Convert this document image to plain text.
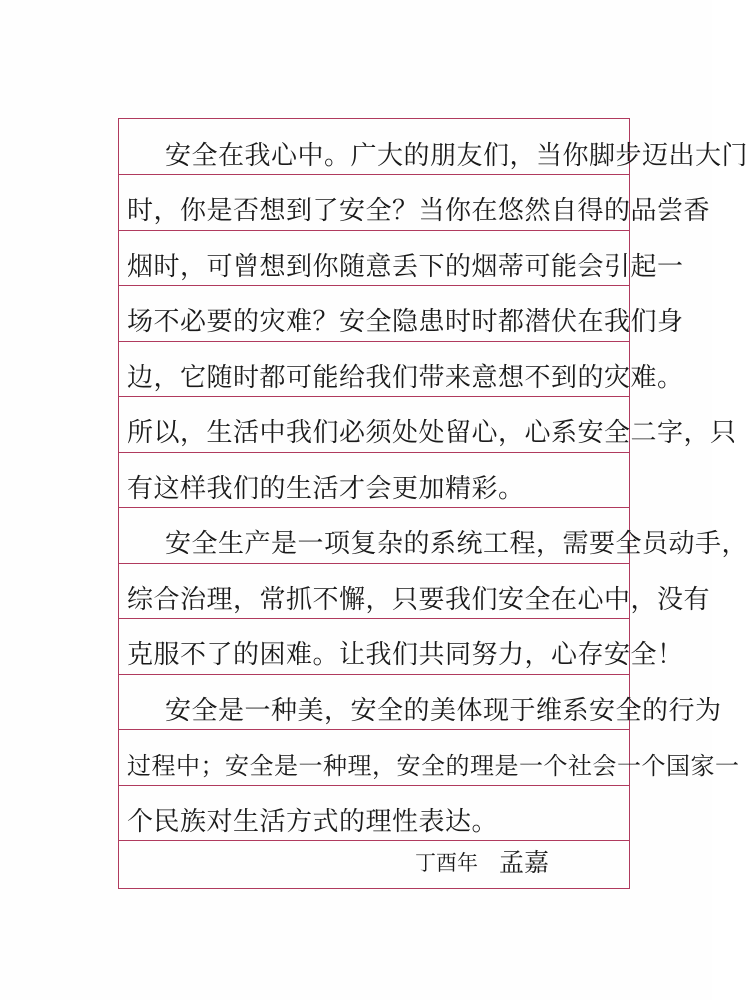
安全在我心中。广大的朋友们，当你脚步迈出大门
时，你是否想到了安全？当你在悠然自得的品尝香
烟时，可曾想到你随意丢下的烟蒂可能会引起一
场不必要的灾难？安全隐患时时都潜伏在我们身
边，它随时都可能给我们带来意想不到的灾难。
所以，生活中我们必须处处留心，心系安全二字，只
有这样我们的生活才会更加精彩。
安全生产是一项复杂的系统工程，需要全员动手，
综合治理，常抓不懈，只要我们安全在心中，没有
克服不了的困难。让我们共同努力，心存安全！
安全是一种美，安全的美体现于维系安全的行为
过程中；安全是一种理，安全的理是一个社会一个国家一
个民族对生活方式的理性表达。
丁酉年 孟嘉
